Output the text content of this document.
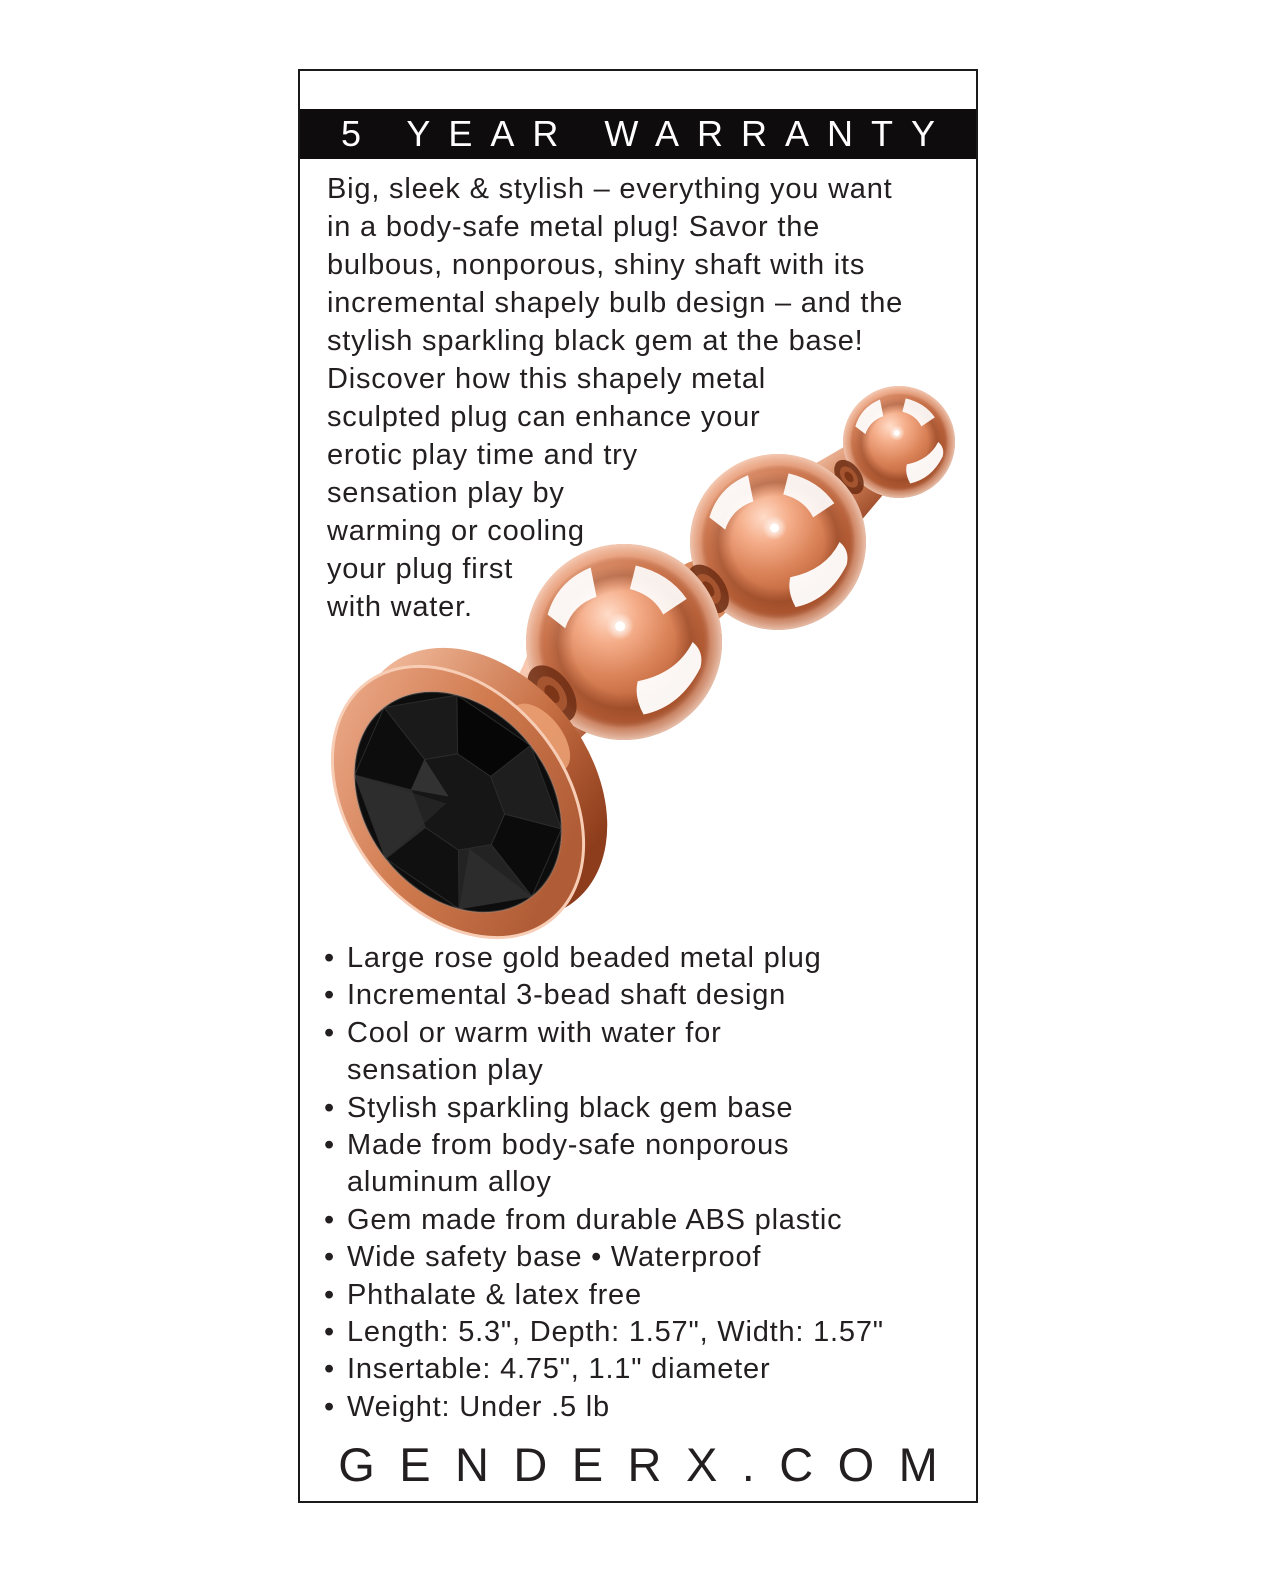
5 YEAR WARRANTY
Big, sleek & stylish – everything you want
in a body-safe metal plug! Savor the
bulbous, nonporous, shiny shaft with its
incremental shapely bulb design – and the
stylish sparkling black gem at the base!
Discover how this shapely metal
sculpted plug can enhance your
erotic play time and try
sensation play by
warming or cooling
your plug first
with water.
• Large rose gold beaded metal plug
• Incremental 3-bead shaft design
• Cool or warm with water for
sensation play
• Stylish sparkling black gem base
• Made from body-safe nonporous
aluminum alloy
• Gem made from durable ABS plastic
• Wide safety base • Waterproof
• Phthalate & latex free
• Length: 5.3", Depth: 1.57", Width: 1.57"
• Insertable: 4.75", 1.1" diameter
• Weight: Under .5 lb
GENDERX.COM
